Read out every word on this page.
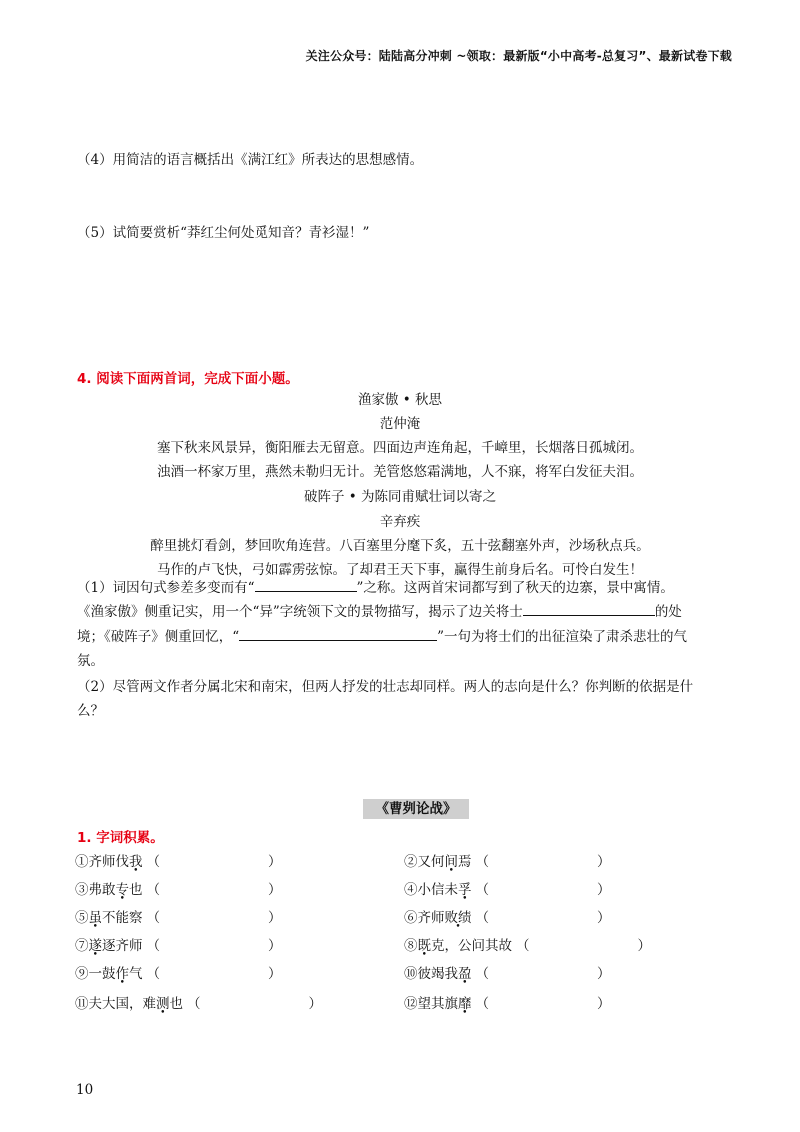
关注公众号：陆陆高分冲刺 ~领取：最新版“小中高考-总复习”、最新试卷下载
（4）用简洁的语言概括出《满江红》所表达的思想感情。
（5）试简要赏析“莽红尘何处觅知音？青衫湿！”
4. 阅读下面两首词，完成下面小题。
渔家傲 • 秋思
范仲淹
塞下秋来风景异，衡阳雁去无留意。四面边声连角起，千嶂里，长烟落日孤城闭。
浊酒一杯家万里，燕然未勒归无计。羌管悠悠霜满地，人不寐，将军白发征夫泪。
破阵子 • 为陈同甫赋壮词以寄之
辛弃疾
醉里挑灯看剑，梦回吹角连营。八百塞里分麾下炙，五十弦翻塞外声，沙场秋点兵。
马作的卢飞快，弓如霹雳弦惊。了却君王天下事，赢得生前身后名。可怜白发生！
（1）词因句式参差多变而有“	”之称。这两首宋词都写到了秋天的边寨，景中寓情。
《渔家傲》侧重记实，用一个“异”字统领下文的景物描写，揭示了边关将士	的处
境；《破阵子》侧重回忆，“	”一句为将士们的出征渲染了肃杀悲壮的气
氛。
（2）尽管两文作者分属北宋和南宋，但两人抒发的壮志却同样。两人的志向是什么？你判断的依据是什
么？
《曹刿论战》
1. 字词积累。
①齐师伐我 （　　　　　　　　）	②又何间焉 （　　　　　　　　）
③弗敢专也 （　　　　　　　　）	④小信未孚 （　　　　　　　　）
⑤虽不能察 （　　　　　　　　）	⑥齐师败绩 （　　　　　　　　）
⑦遂逐齐师 （　　　　　　　　）	⑧既克，公问其故 （　　　　　　　　）
⑨一鼓作气 （　　　　　　　　）	⑩彼竭我盈 （　　　　　　　　）
⑪夫大国，难测也 （　　　　　　　　）	⑫望其旗靡 （　　　　　　　　）
10
